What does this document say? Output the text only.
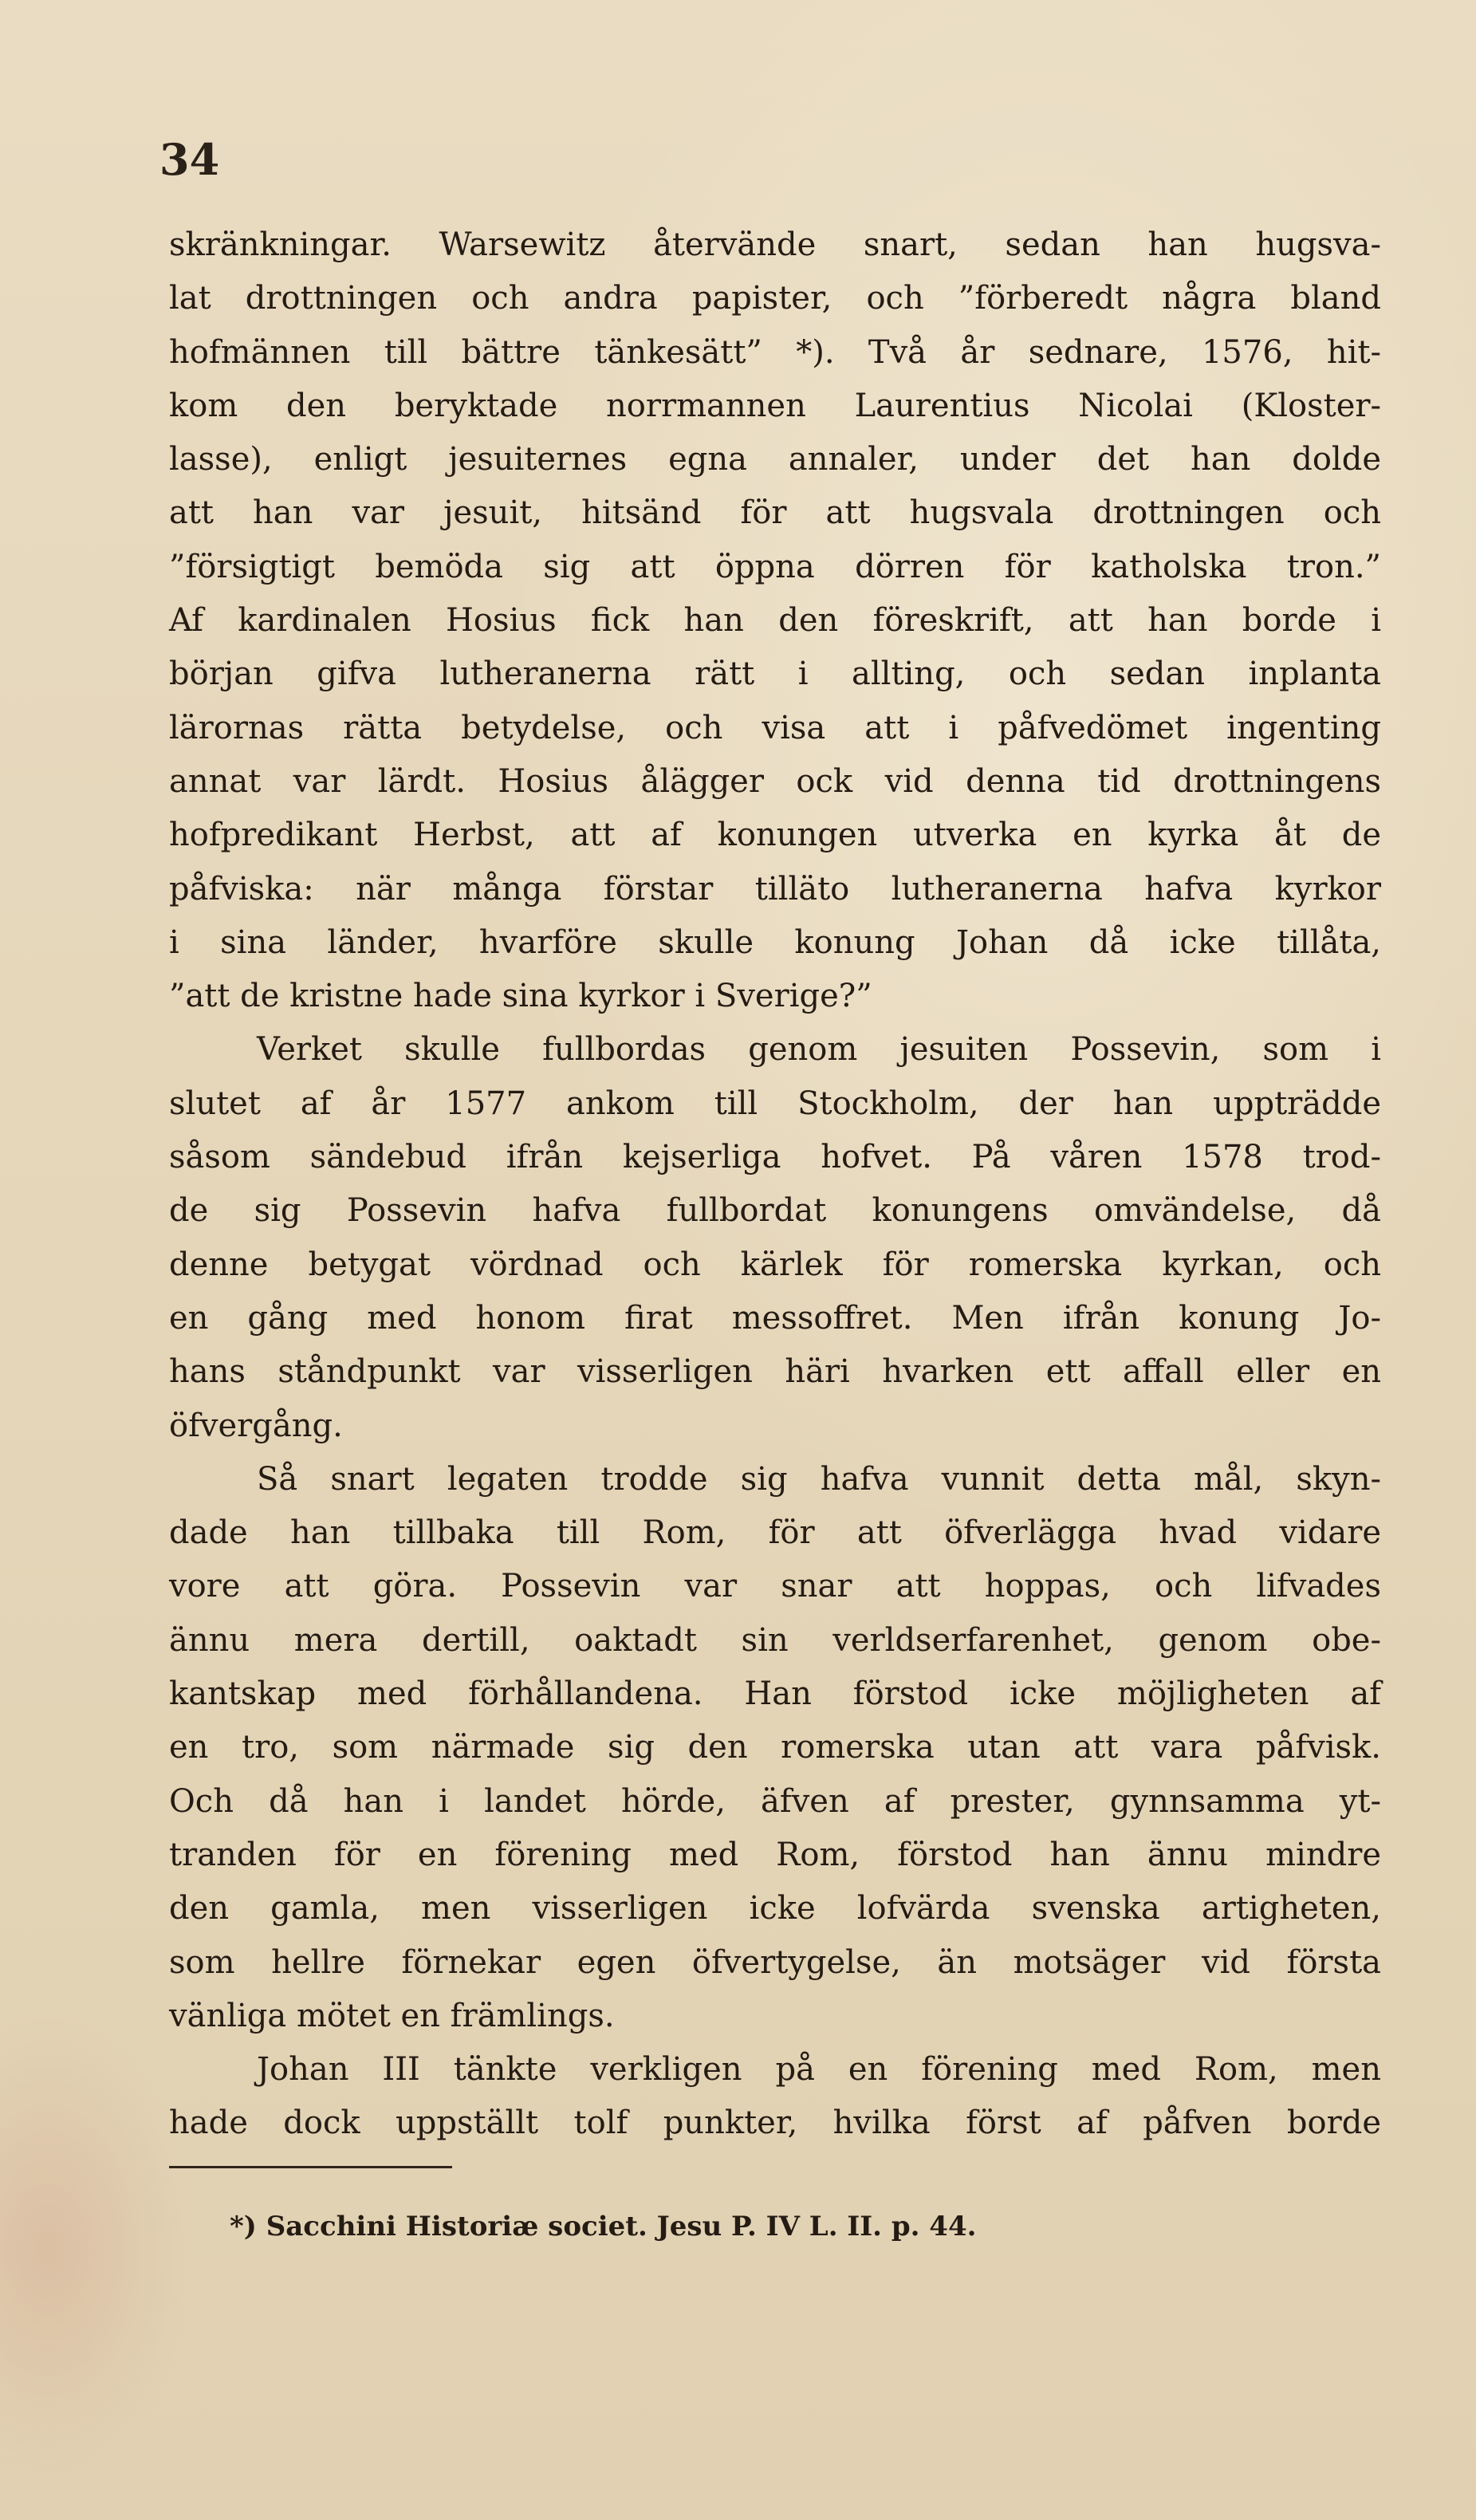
34

skränkningar. Warsewitz återvände snart, sedan han hugsva-
lat drottningen och andra papister, och ”förberedt några bland
hofmännen till bättre tänkesätt” *). Två år sednare, 1576, hit-
kom den beryktade norrmannen Laurentius Nicolai (Kloster-
lasse), enligt jesuiternes egna annaler, under det han dolde
att han var jesuit, hitsänd för att hugsvala drottningen och
”försigtigt bemöda sig att öppna dörren för katholska tron.”
Af kardinalen Hosius fick han den föreskrift, att han borde i
början gifva lutheranerna rätt i allting, och sedan inplanta
lärornas rätta betydelse, och visa att i påfvedömet ingenting
annat var lärdt. Hosius ålägger ock vid denna tid drottningens
hofpredikant Herbst, att af konungen utverka en kyrka åt de
påfviska: när många förstar tilläto lutheranerna hafva kyrkor
i sina länder, hvarföre skulle konung Johan då icke tillåta,
”att de kristne hade sina kyrkor i Sverige?”
Verket skulle fullbordas genom jesuiten Possevin, som i
slutet af år 1577 ankom till Stockholm, der han uppträdde
såsom sändebud ifrån kejserliga hofvet. På våren 1578 trod-
de sig Possevin hafva fullbordat konungens omvändelse, då
denne betygat vördnad och kärlek för romerska kyrkan, och
en gång med honom firat messoffret. Men ifrån konung Jo-
hans ståndpunkt var visserligen häri hvarken ett affall eller en
öfvergång.
Så snart legaten trodde sig hafva vunnit detta mål, skyn-
dade han tillbaka till Rom, för att öfverlägga hvad vidare
vore att göra. Possevin var snar att hoppas, och lifvades
ännu mera dertill, oaktadt sin verldserfarenhet, genom obe-
kantskap med förhållandena. Han förstod icke möjligheten af
en tro, som närmade sig den romerska utan att vara påfvisk.
Och då han i landet hörde, äfven af prester, gynnsamma yt-
tranden för en förening med Rom, förstod han ännu mindre
den gamla, men visserligen icke lofvärda svenska artigheten,
som hellre förnekar egen öfvertygelse, än motsäger vid första
vänliga mötet en främlings.
Johan III tänkte verkligen på en förening med Rom, men
hade dock uppställt tolf punkter, hvilka först af påfven borde

*) Sacchini Historiæ societ. Jesu P. IV L. II. p. 44.
